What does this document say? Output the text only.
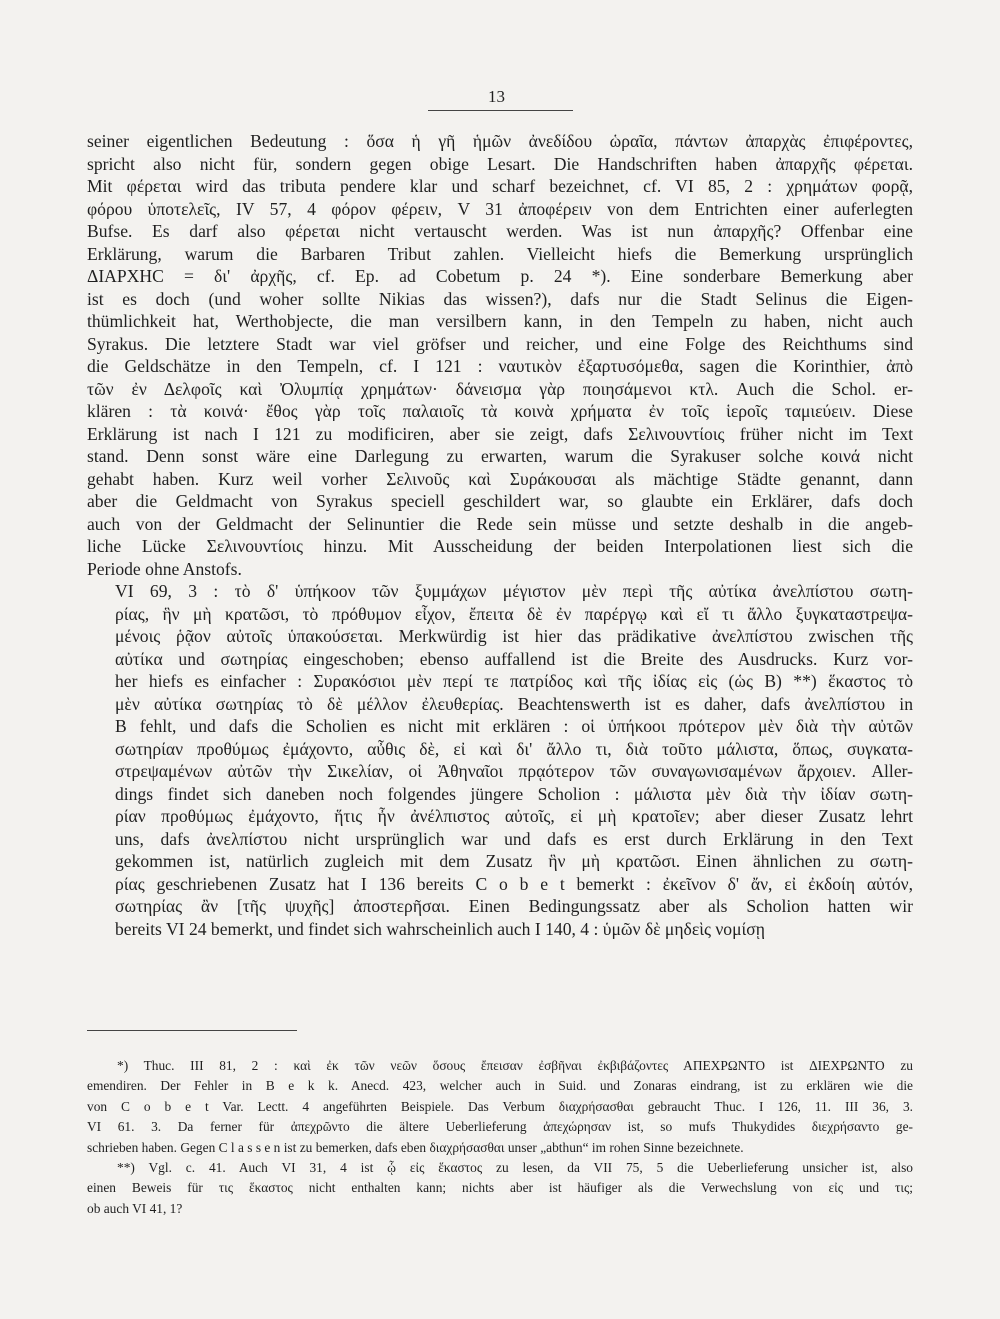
13

seiner eigentlichen Bedeutung : ὅσα ἡ γῆ ἡμῶν ἀνεδίδου ὡραῖα, πάντων ἀπαρχὰς ἐπιφέροντες,
spricht also nicht für, sondern gegen obige Lesart. Die Handschriften haben ἀπαρχῆς φέρεται.
Mit φέρεται wird das tributa pendere klar und scharf bezeichnet, cf. VI 85, 2 : χρημάτων φορᾷ,
φόρου ὑποτελεῖς, IV 57, 4 φόρον φέρειν, V 31 ἀποφέρειν von dem Entrichten einer auferlegten
Bufse. Es darf also φέρεται nicht vertauscht werden. Was ist nun ἀπαρχῆς? Offenbar eine
Erklärung, warum die Barbaren Tribut zahlen. Vielleicht hiefs die Bemerkung ursprünglich
ΔΙΑΡΧΗC = δι' ἀρχῆς, cf. Ep. ad Cobetum p. 24 *). Eine sonderbare Bemerkung aber
ist es doch (und woher sollte Nikias das wissen?), dafs nur die Stadt Selinus die Eigen-
thümlichkeit hat, Werthobjecte, die man versilbern kann, in den Tempeln zu haben, nicht auch
Syrakus. Die letztere Stadt war viel gröfser und reicher, und eine Folge des Reichthums sind
die Geldschätze in den Tempeln, cf. I 121 : ναυτικὸν ἐξαρτυσόμεθα, sagen die Korinthier, ἀπὸ
τῶν ἐν Δελφοῖς καὶ Ὀλυμπίᾳ χρημάτων· δάνεισμα γὰρ ποιησάμενοι κτλ. Auch die Schol. er-
klären : τὰ κοινά· ἔθος γὰρ τοῖς παλαιοῖς τὰ κοινὰ χρήματα ἐν τοῖς ἱεροῖς ταμιεύειν. Diese
Erklärung ist nach I 121 zu modificiren, aber sie zeigt, dafs Σελινουντίοις früher nicht im Text
stand. Denn sonst wäre eine Darlegung zu erwarten, warum die Syrakuser solche κοινά nicht
gehabt haben. Kurz weil vorher Σελινοῦς καὶ Συράκουσαι als mächtige Städte genannt, dann
aber die Geldmacht von Syrakus speciell geschildert war, so glaubte ein Erklärer, dafs doch
auch von der Geldmacht der Selinuntier die Rede sein müsse und setzte deshalb in die angeb-
liche Lücke Σελινουντίοις hinzu. Mit Ausscheidung der beiden Interpolationen liest sich die
Periode ohne Anstofs.

VI 69, 3 : τὸ δ' ὑπήκοον τῶν ξυμμάχων μέγιστον μὲν περὶ τῆς αὐτίκα ἀνελπίστου σωτη-
ρίας, ἣν μὴ κρατῶσι, τὸ πρόθυμον εἶχον, ἔπειτα δὲ ἐν παρέργῳ καὶ εἴ τι ἄλλο ξυγκαταστρεψα-
μένοις ῥᾷον αὐτοῖς ὑπακούσεται. Merkwürdig ist hier das prädikative ἀνελπίστου zwischen τῆς
αὐτίκα und σωτηρίας eingeschoben; ebenso auffallend ist die Breite des Ausdrucks. Kurz vor-
her hiefs es einfacher : Συρακόσιοι μὲν περί τε πατρίδος καὶ τῆς ἰδίας εἰς (ὡς B) **) ἕκαστος τὸ
μὲν αὐτίκα σωτηρίας τὸ δὲ μέλλον ἐλευθερίας. Beachtenswerth ist es daher, dafs ἀνελπίστου in
B fehlt, und dafs die Scholien es nicht mit erklären : οἱ ὑπήκοοι πρότερον μὲν διὰ τὴν αὐτῶν
σωτηρίαν προθύμως ἐμάχοντο, αὖθις δὲ, εἰ καὶ δι' ἄλλο τι, διὰ τοῦτο μάλιστα, ὅπως, συγκατα-
στρεψαμένων αὐτῶν τὴν Σικελίαν, οἱ Ἀθηναῖοι πρᾳότερον τῶν συναγωνισαμένων ἄρχοιεν. Aller-
dings findet sich daneben noch folgendes jüngere Scholion : μάλιστα μὲν διὰ τὴν ἰδίαν σωτη-
ρίαν προθύμως ἐμάχοντο, ἥτις ἦν ἀνέλπιστος αὐτοῖς, εἰ μὴ κρατοῖεν; aber dieser Zusatz lehrt
uns, dafs ἀνελπίστου nicht ursprünglich war und dafs es erst durch Erklärung in den Text
gekommen ist, natürlich zugleich mit dem Zusatz ἣν μὴ κρατῶσι. Einen ähnlichen zu σωτη-
ρίας geschriebenen Zusatz hat I 136 bereits C o b e t bemerkt : ἐκεῖνον δ' ἄν, εἰ ἐκδοίη αὐτόν,
σωτηρίας ἂν [τῆς ψυχῆς] ἀποστερῆσαι. Einen Bedingungssatz aber als Scholion hatten wir
bereits VI 24 bemerkt, und findet sich wahrscheinlich auch I 140, 4 : ὑμῶν δὲ μηδεὶς νομίσῃ

*) Thuc. III 81, 2 : καὶ ἐκ τῶν νεῶν ὅσους ἔπεισαν ἐσβῆναι ἐκβιβάζοντες ΑΠΕΧΡΩΝΤΟ ist ΔΙΕΧΡΩΝΤΟ zu
emendiren. Der Fehler in B e k k. Anecd. 423, welcher auch in Suid. und Zonaras eindrang, ist zu erklären wie die
von C o b e t Var. Lectt. 4 angeführten Beispiele. Das Verbum διαχρήσασθαι gebraucht Thuc. I 126, 11. III 36, 3.
VI 61. 3. Da ferner für ἀπεχρῶντο die ältere Ueberlieferung ἀπεχώρησαν ist, so mufs Thukydides διεχρήσαντο ge-
schrieben haben. Gegen C l a s s e n ist zu bemerken, dafs eben διαχρήσασθαι unser „abthun“ im rohen Sinne bezeichnete.
**) Vgl. c. 41. Auch VI 31, 4 ist ᾧ εἰς ἕκαστος zu lesen, da VII 75, 5 die Ueberlieferung unsicher ist, also
einen Beweis für τις ἕκαστος nicht enthalten kann; nichts aber ist häufiger als die Verwechslung von εἰς und τις;
ob auch VI 41, 1?
